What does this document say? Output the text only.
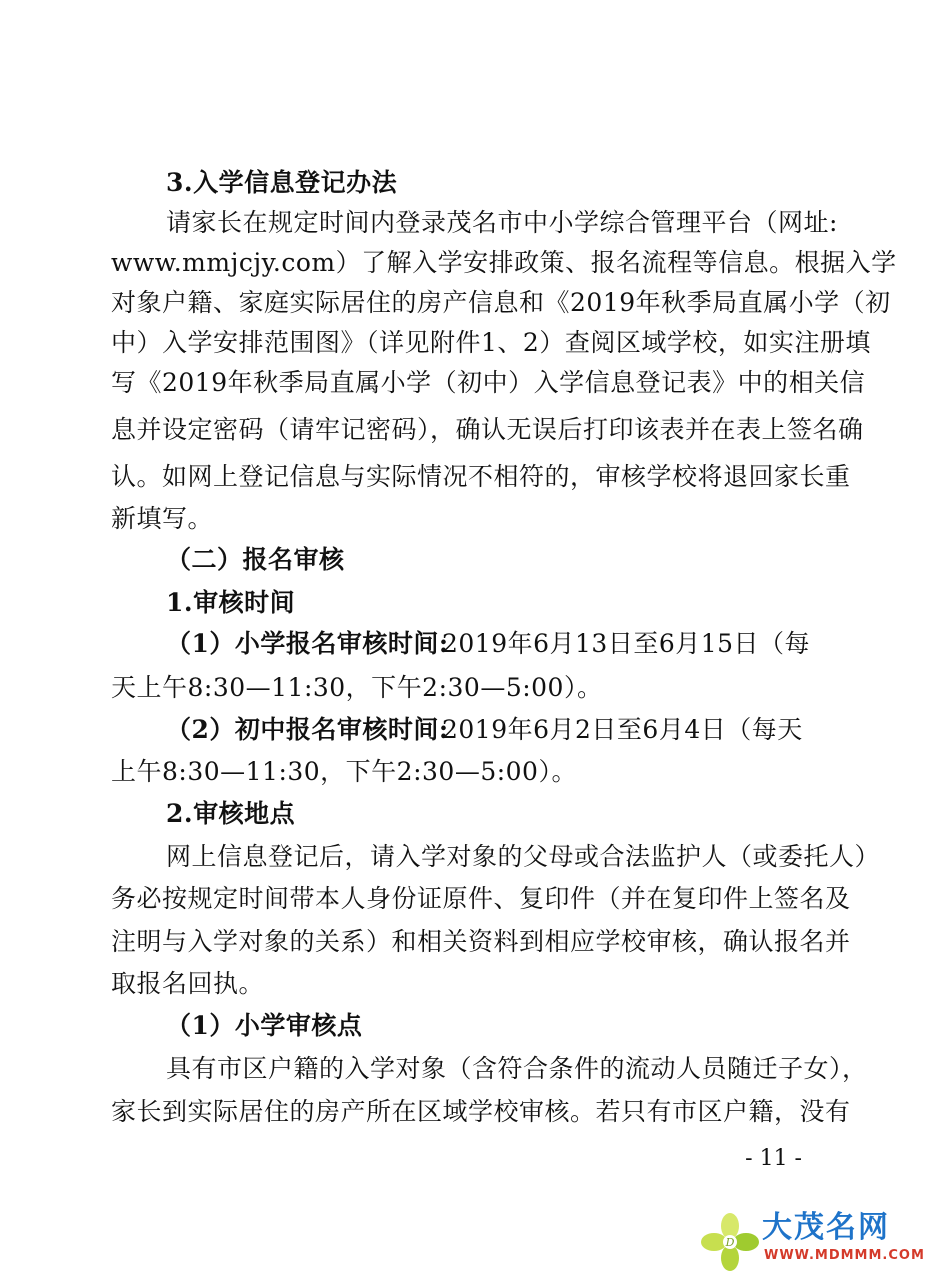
3.入学信息登记办法
请家长在规定时间内登录茂名市中小学综合管理平台（网址:
www.mmjcjy.com）了解入学安排政策、报名流程等信息。根据入学
对象户籍、家庭实际居住的房产信息和《2019年秋季局直属小学（初
中）入学安排范围图》（详见附件1、2）查阅区域学校，如实注册填
写《2019年秋季局直属小学（初中）入学信息登记表》中的相关信
息并设定密码（请牢记密码），确认无误后打印该表并在表上签名确
认。如网上登记信息与实际情况不相符的，审核学校将退回家长重
新填写。
（二）报名审核
1.审核时间
（1）小学报名审核时间:
2019年6月13日至6月15日（每
天上午8:30—11:30，下午2:30—5:00）。
（2）初中报名审核时间:
2019年6月2日至6月4日（每天
上午8:30—11:30，下午2:30—5:00）。
2.审核地点
网上信息登记后，请入学对象的父母或合法监护人（或委托人）
务必按规定时间带本人身份证原件、复印件（并在复印件上签名及
注明与入学对象的关系）和相关资料到相应学校审核，确认报名并
取报名回执。
（1）小学审核点
具有市区户籍的入学对象（含符合条件的流动人员随迁子女），
家长到实际居住的房产所在区域学校审核。若只有市区户籍，没有
- 11 -
D 大茂名网
WWW.MDMMM.COM
